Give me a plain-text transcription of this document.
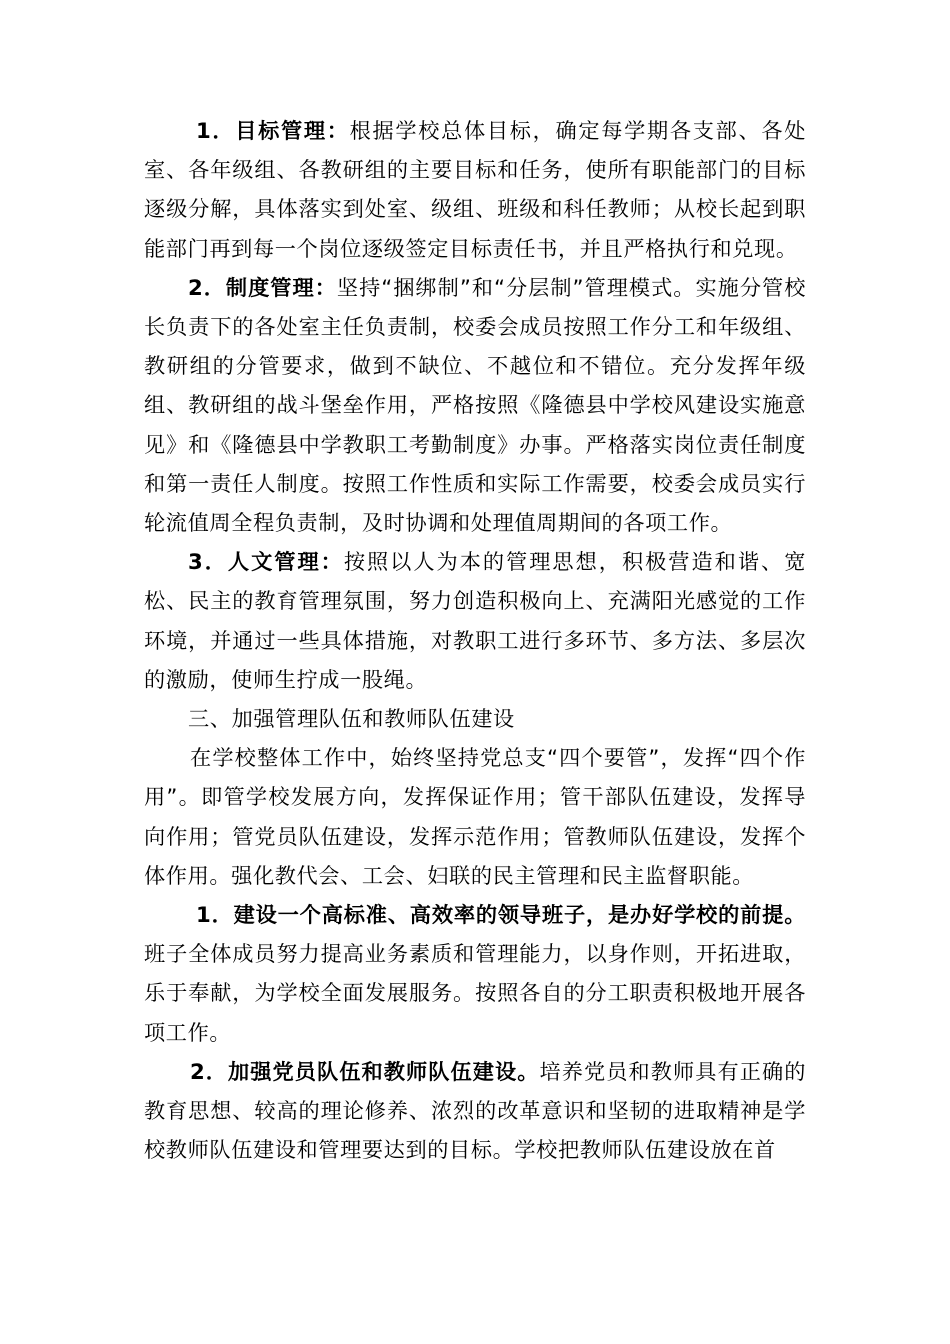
1．目标管理：根据学校总体目标，确定每学期各支部、各处室、各年级组、各教研组的主要目标和任务，使所有职能部门的目标逐级分解，具体落实到处室、级组、班级和科任教师；从校长起到职能部门再到每一个岗位逐级签定目标责任书，并且严格执行和兑现。

2．制度管理：坚持“捆绑制”和“分层制”管理模式。实施分管校长负责下的各处室主任负责制，校委会成员按照工作分工和年级组、教研组的分管要求，做到不缺位、不越位和不错位。充分发挥年级组、教研组的战斗堡垒作用，严格按照《隆德县中学校风建设实施意见》和《隆德县中学教职工考勤制度》办事。严格落实岗位责任制度和第一责任人制度。按照工作性质和实际工作需要，校委会成员实行轮流值周全程负责制，及时协调和处理值周期间的各项工作。

3．人文管理：按照以人为本的管理思想，积极营造和谐、宽松、民主的教育管理氛围，努力创造积极向上、充满阳光感觉的工作环境，并通过一些具体措施，对教职工进行多环节、多方法、多层次的激励，使师生拧成一股绳。

三、加强管理队伍和教师队伍建设

在学校整体工作中，始终坚持党总支“四个要管”，发挥“四个作用”。即管学校发展方向，发挥保证作用；管干部队伍建设，发挥导向作用；管党员队伍建设，发挥示范作用；管教师队伍建设，发挥个体作用。强化教代会、工会、妇联的民主管理和民主监督职能。

1．建设一个高标准、高效率的领导班子，是办好学校的前提。班子全体成员努力提高业务素质和管理能力，以身作则，开拓进取，乐于奉献，为学校全面发展服务。按照各自的分工职责积极地开展各项工作。

2．加强党员队伍和教师队伍建设。培养党员和教师具有正确的教育思想、较高的理论修养、浓烈的改革意识和坚韧的进取精神是学校教师队伍建设和管理要达到的目标。学校把教师队伍建设放在首
